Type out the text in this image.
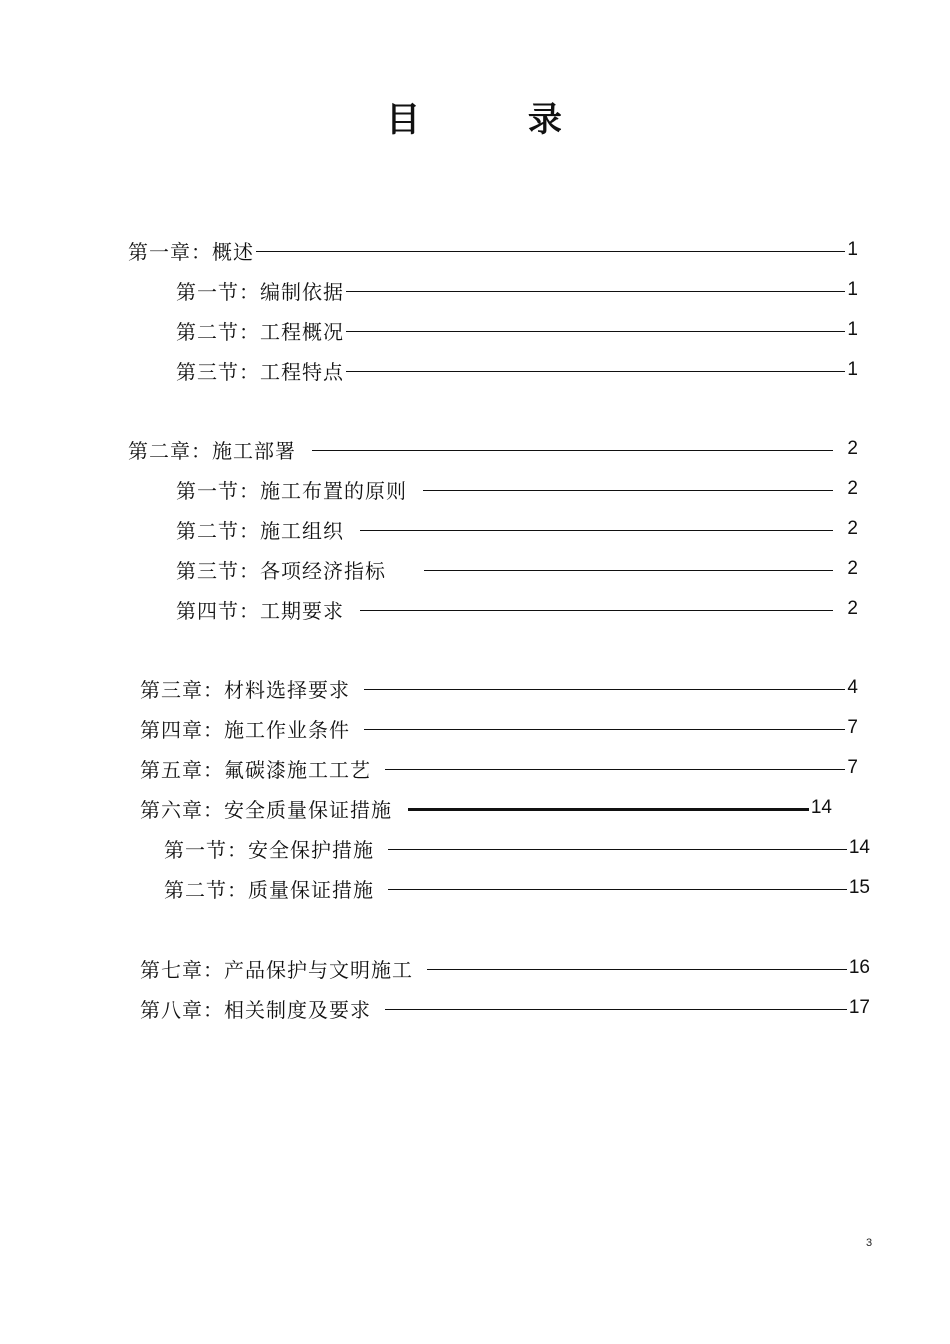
目 录
第一章：概述	1
第一节：编制依据	1
第二节：工程概况	1
第三节：工程特点	1
第二章：施工部署	2
第一节：施工布置的原则	2
第二节：施工组织	2
第三节：各项经济指标	2
第四节：工期要求	2
第三章：材料选择要求	4
第四章：施工作业条件	7
第五章：氟碳漆施工工艺	7
第六章：安全质量保证措施	14
第一节：安全保护措施	14
第二节：质量保证措施	15
第七章：产品保护与文明施工	16
第八章：相关制度及要求	17
3
